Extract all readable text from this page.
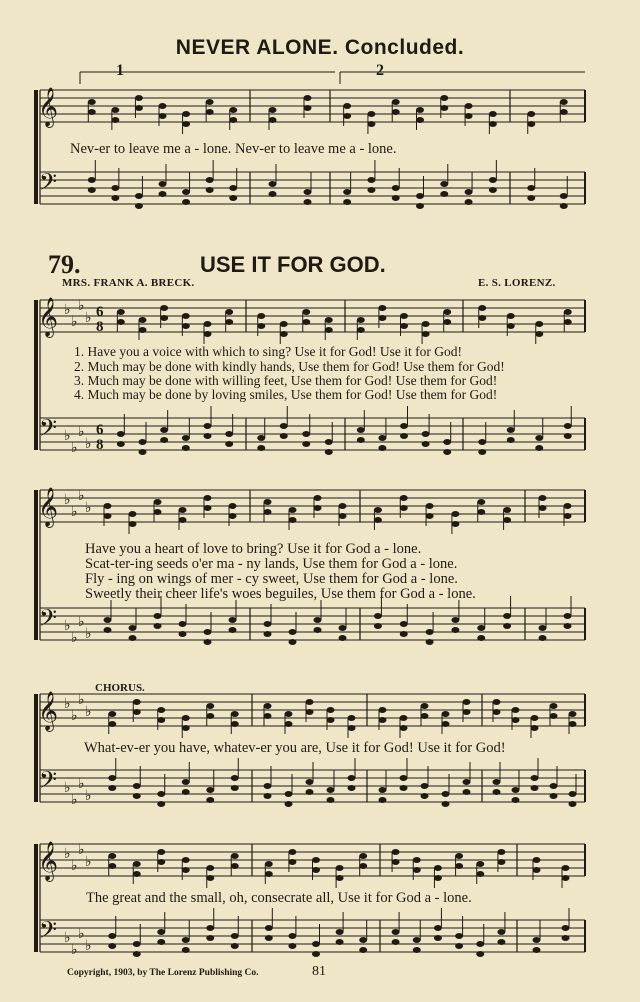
𝄞
𝄢
𝄞
𝄢
♭
♭
♭
♭
♭
♭
♭
♭
6
8
6
8
𝄞
𝄢
♭
♭
♭
♭
♭
♭
♭
♭
𝄞
𝄢
♭
♭
♭
♭
♭
♭
♭
♭
𝄞
𝄢
♭
♭
♭
♭
♭
♭
♭
♭
NEVER ALONE. Concluded.
1	2
Nev-er to leave me a - lone. Nev-er to leave me a - lone.
79.	USE IT FOR GOD.
MRS. FRANK A. BRECK.	E. S. LORENZ.
1. Have you a voice with which to sing? Use it for God! Use it for God!
2. Much may be done with kindly hands, Use them for God! Use them for God!
3. Much may be done with willing feet, Use them for God! Use them for God!
4. Much may be done by loving smiles, Use them for God! Use them for God!
Have you a heart of love to bring? Use it for God a - lone.
Scat-ter-ing seeds o'er ma - ny lands, Use them for God a - lone.
Fly - ing on wings of mer - cy sweet, Use them for God a - lone.
Sweetly their cheer life's woes beguiles, Use them for God a - lone.
CHORUS.
What-ev-er you have, whatev-er you are, Use it for God! Use it for God!
The great and the small, oh, consecrate all, Use it for God a - lone.
Copyright, 1903, by The Lorenz Publishing Co.	81
